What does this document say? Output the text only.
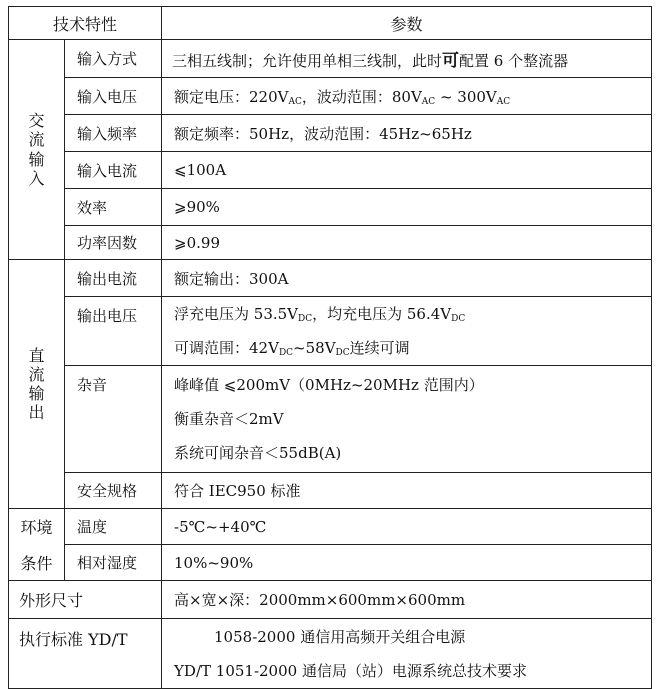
技术特性		参数
交流输入	输入方式	三相五线制；允许使用单相三线制，此时可配置 6 个整流器
	输入电压	额定电压：$220V_{AC}$，波动范围：$80V_{AC}$ ~ $300V_{AC}$
	输入频率	额定频率：50Hz，波动范围：45Hz~65Hz
	输入电流	⩽100A
	效率	⩾90%
	功率因数	⩾0.99
直流输出	输出电流	额定输出：300A
	输出电压	浮充电压为 $53.5V_{DC}$，均充电压为 $56.4V_{DC}$
可调范围：$42V_{DC}\sim 58V_{DC}$连续可调

	杂音	峰峰值 ⩽200mV（0MHz~20MHz 范围内）
衡重杂音＜2mV
系统可闻杂音＜55dB(A)

	安全规格	符合 IEC950 标准
环境	温度	-5℃~+40℃
条件	相对湿度	10%~90%
外形尺寸		高×宽×深：2000mm×600mm×600mm
执行标准 YD/T		1058-2000 通信用高频开关组合电源
YD/T 1051-2000 通信局（站）电源系统总技术要求
